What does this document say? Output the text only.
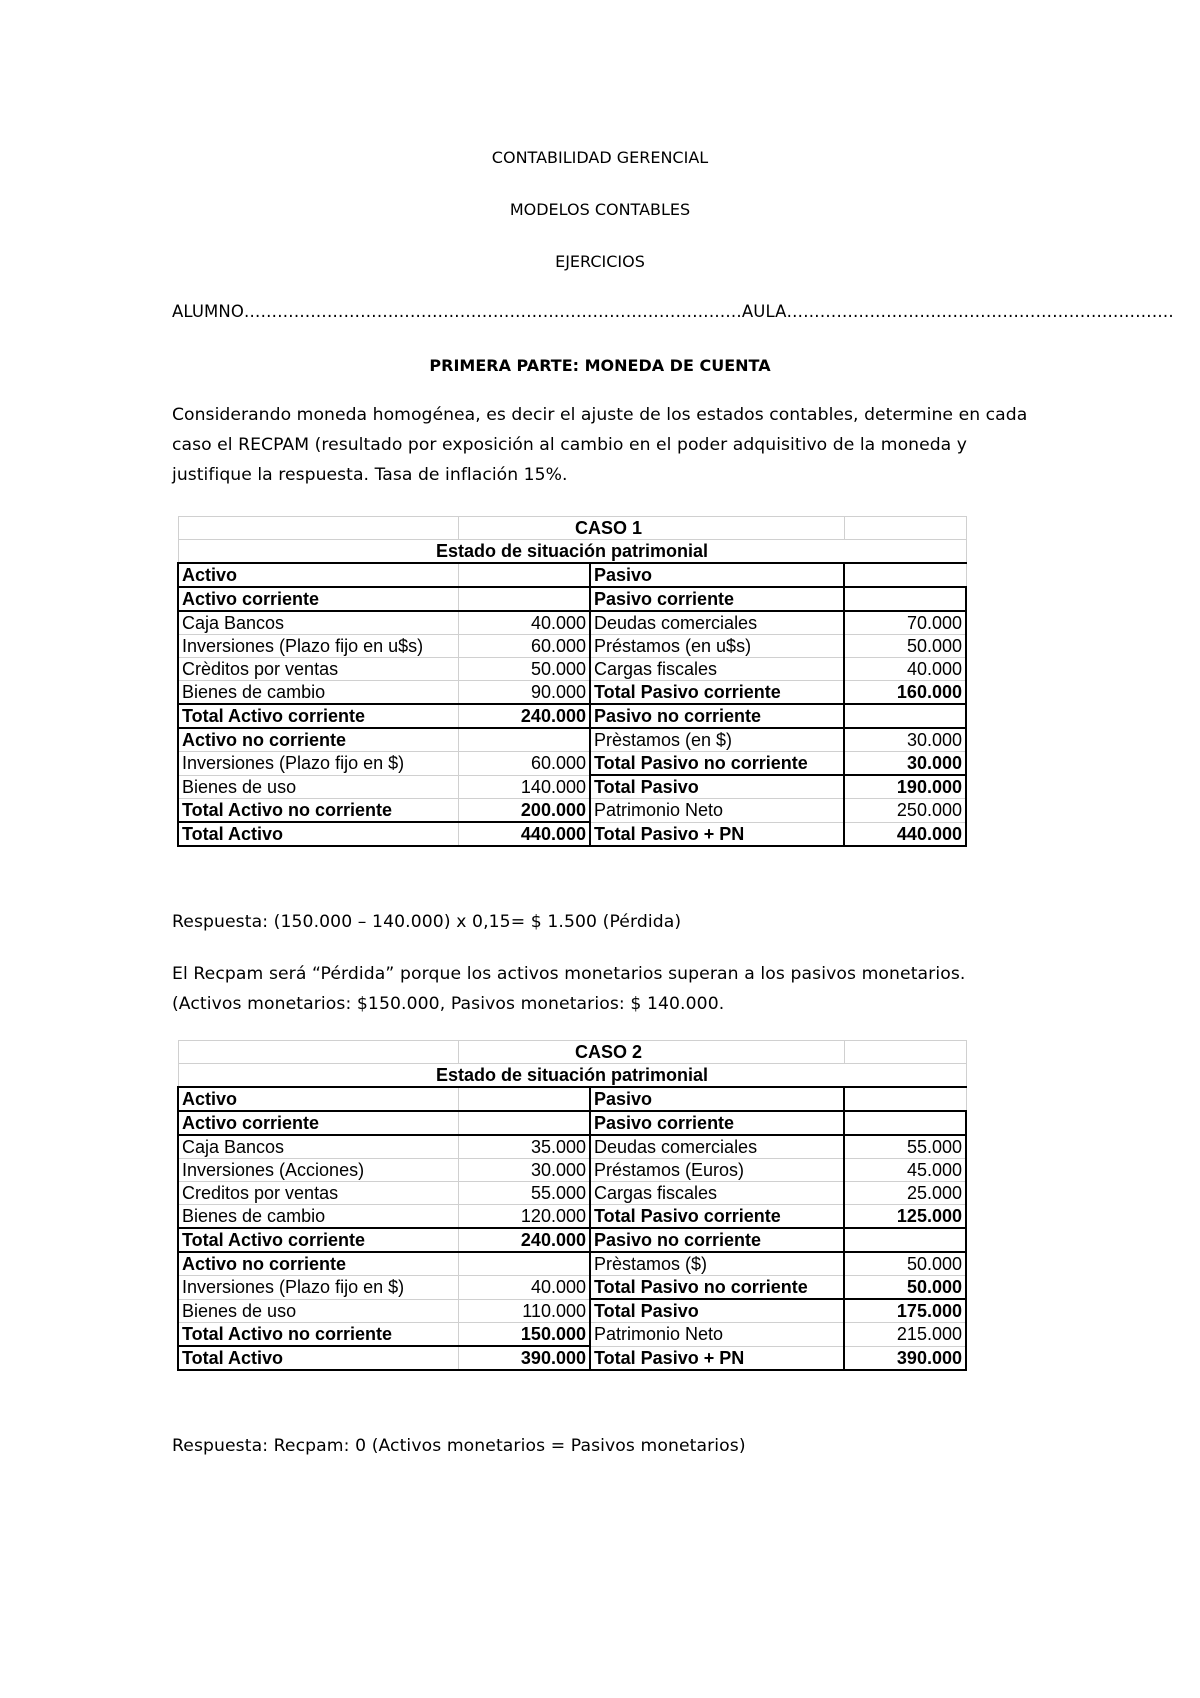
CONTABILIDAD GERENCIAL
MODELOS CONTABLES
EJERCICIOS
ALUMNO………………………………………………………………………………AULA…………………………………………………………….
PRIMERA PARTE: MONEDA DE CUENTA
Considerando moneda homogénea, es decir el ajuste de los estados contables, determine en cada caso el RECPAM (resultado por exposición al cambio en el poder adquisitivo de la moneda y justifique la respuesta. Tasa de inflación 15%.
	CASO 1		
Estado de situación patrimonial			
Activo		Pasivo	
Activo corriente		Pasivo corriente	
Caja Bancos	40.000	Deudas comerciales	70.000
Inversiones (Plazo fijo en u$s)	60.000	Préstamos (en u$s)	50.000
Crèditos por ventas	50.000	Cargas fiscales	40.000
Bienes de cambio	90.000	Total Pasivo corriente	160.000
Total Activo corriente	240.000	Pasivo no corriente	
Activo no corriente		Prèstamos (en $)	30.000
Inversiones (Plazo fijo en $)	60.000	Total Pasivo no corriente	30.000
Bienes de uso	140.000	Total Pasivo	190.000
Total Activo no corriente	200.000	Patrimonio Neto	250.000
Total Activo	440.000	Total Pasivo + PN	440.000
Respuesta: (150.000 – 140.000) x 0,15= $ 1.500 (Pérdida)
El Recpam será “Pérdida” porque los activos monetarios superan a los pasivos monetarios.
(Activos monetarios: $150.000, Pasivos monetarios: $ 140.000.
	CASO 2		
Estado de situación patrimonial			
Activo		Pasivo	
Activo corriente		Pasivo corriente	
Caja Bancos	35.000	Deudas comerciales	55.000
Inversiones (Acciones)	30.000	Préstamos (Euros)	45.000
Creditos por ventas	55.000	Cargas fiscales	25.000
Bienes de cambio	120.000	Total Pasivo corriente	125.000
Total Activo corriente	240.000	Pasivo no corriente	
Activo no corriente		Prèstamos ($)	50.000
Inversiones (Plazo fijo en $)	40.000	Total Pasivo no corriente	50.000
Bienes de uso	110.000	Total Pasivo	175.000
Total Activo no corriente	150.000	Patrimonio Neto	215.000
Total Activo	390.000	Total Pasivo + PN	390.000
Respuesta: Recpam: 0 (Activos monetarios = Pasivos monetarios)
